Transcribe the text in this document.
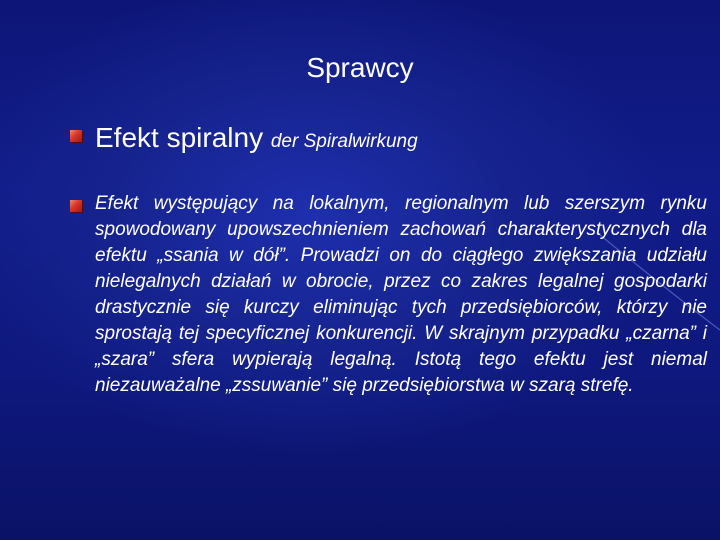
Sprawcy
Efekt spiralny der Spiralwirkung
Efekt występujący na lokalnym, regionalnym lub szerszym rynku spowodowany upowszechnieniem zachowań charakterystycznych dla efektu „ssania w dół”. Prowadzi on do ciągłego zwiększania udziału nielegalnych działań w obrocie, przez co zakres legalnej gospodarki drastycznie się kurczy eliminując tych przedsiębiorców, którzy nie sprostają tej specyficznej konkurencji. W skrajnym przypadku „czarna” i „szara” sfera wypierają legalną. Istotą tego efektu jest niemal niezauważalne „zssuwanie” się przedsiębiorstwa w szarą strefę.
